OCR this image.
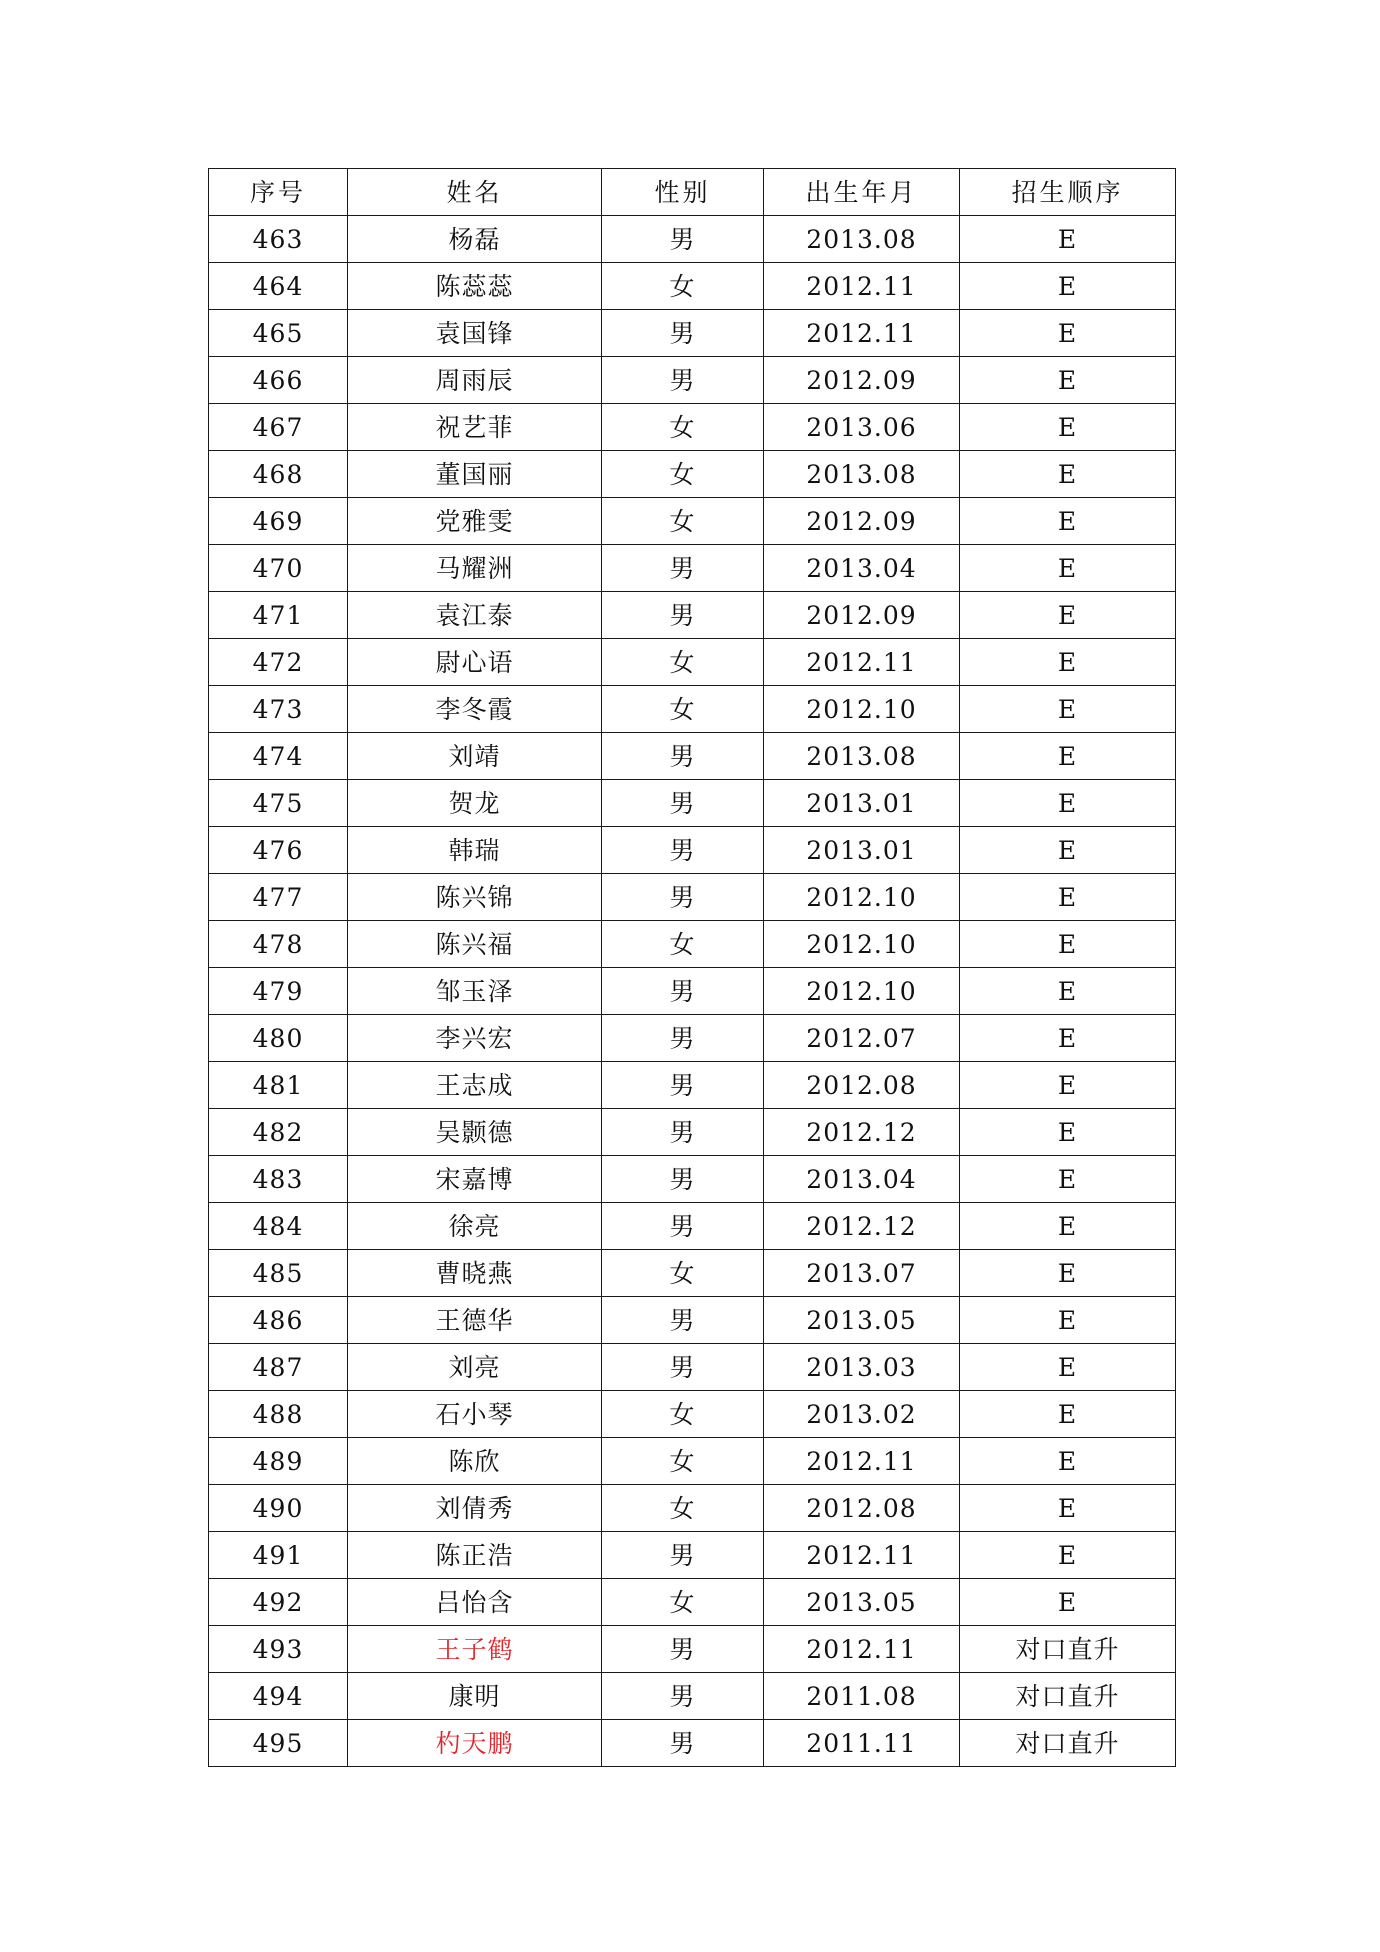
序号	姓名	性别	出生年月	招生顺序
463	杨磊	男	2013.08	E
464	陈蕊蕊	女	2012.11	E
465	袁国锋	男	2012.11	E
466	周雨辰	男	2012.09	E
467	祝艺菲	女	2013.06	E
468	董国丽	女	2013.08	E
469	党雅雯	女	2012.09	E
470	马耀洲	男	2013.04	E
471	袁江泰	男	2012.09	E
472	尉心语	女	2012.11	E
473	李冬霞	女	2012.10	E
474	刘靖	男	2013.08	E
475	贺龙	男	2013.01	E
476	韩瑞	男	2013.01	E
477	陈兴锦	男	2012.10	E
478	陈兴福	女	2012.10	E
479	邹玉泽	男	2012.10	E
480	李兴宏	男	2012.07	E
481	王志成	男	2012.08	E
482	吴颢德	男	2012.12	E
483	宋嘉博	男	2013.04	E
484	徐亮	男	2012.12	E
485	曹晓燕	女	2013.07	E
486	王德华	男	2013.05	E
487	刘亮	男	2013.03	E
488	石小琴	女	2013.02	E
489	陈欣	女	2012.11	E
490	刘倩秀	女	2012.08	E
491	陈正浩	男	2012.11	E
492	吕怡含	女	2013.05	E
493	王子鹤	男	2012.11	对口直升
494	康明	男	2011.08	对口直升
495	杓天鹏	男	2011.11	对口直升
